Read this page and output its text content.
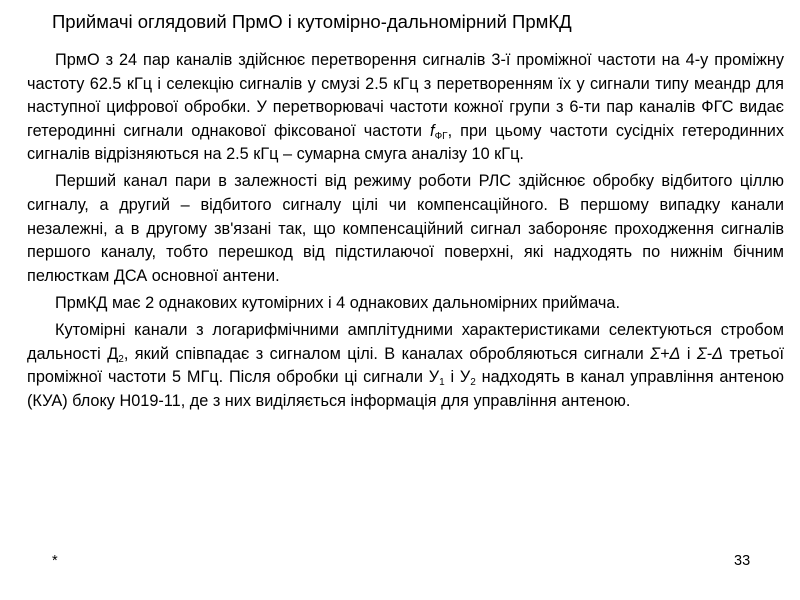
Приймачі оглядовий ПрмО і кутомірно-дальномірний ПрмКД

ПрмО з 24 пар каналів здійснює перетворення сигналів 3-ї проміжної частоти на 4-у проміжну частоту 62.5 кГц і селекцію сигналів у смузі 2.5 кГц з перетворенням їх у сигнали типу меандр для наступної цифрової обробки. У перетворювачі частоти кожної групи з 6-ти пар каналів ФГС видає гетеродинні сигнали однакової фіксованої частоти $f_{ФГ}$, при цьому частоти сусідніх гетеродинних сигналів відрізняються на 2.5 кГц – сумарна смуга аналізу 10 кГц.

Перший канал пари в залежності від режиму роботи РЛС здійснює обробку відбитого ціллю сигналу, а другий – відбитого сигналу цілі чи компенсаційного. В першому випадку канали незалежні, а в другому зв'язані так, що компенсаційний сигнал забороняє проходження сигналів першого каналу, тобто перешкод від підстилаючої поверхні, які надходять по нижнім бічним пелюсткам ДСА основної антени.

ПрмКД має 2 однакових кутомірних і 4 однакових дальномірних приймача.

Кутомірні канали з логарифмічними амплітудними характеристиками селектуються стробом дальності $Д_2$, який співпадає з сигналом цілі. В каналах обробляються сигнали Σ+Δ і Σ-Δ третьої проміжної частоти 5 МГц. Після обробки ці сигнали $У_1$ і $У_2$ надходять в канал управління антеною (КУА) блоку Н019-11, де з них виділяється інформація для управління антеною.

*	33
